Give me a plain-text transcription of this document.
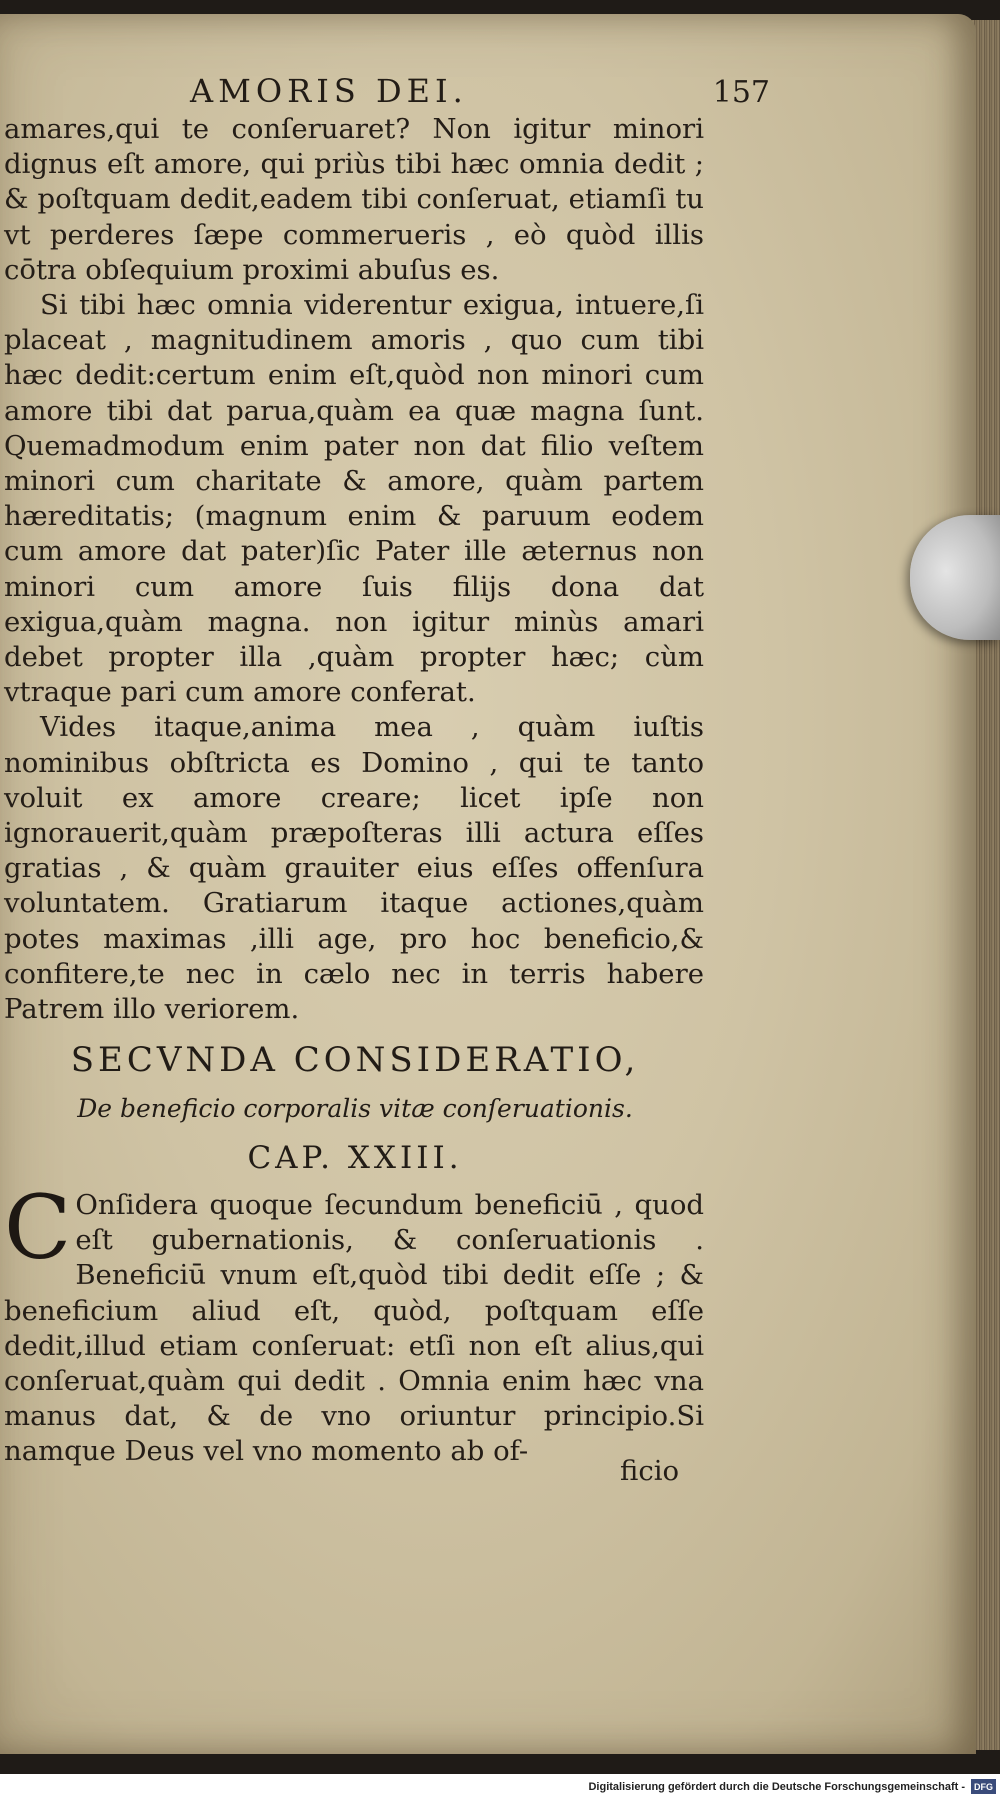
AMORIS DEI.	157

amares,qui te conſeruaret? Non igitur minori dignus eſt amore, qui priùs tibi hæc omnia dedit ; & poſtquam dedit,eadem tibi conſeruat, etiamſi tu vt perderes ſæpe commerueris , eò quòd illis cōtra obſequium proximi abuſus es.

Si tibi hæc omnia viderentur exigua, intuere,ſi placeat , magnitudinem amoris , quo cum tibi hæc dedit:certum enim eſt,quòd non minori cum amore tibi dat parua,quàm ea quæ magna ſunt. Quemadmodum enim pater non dat filio veſtem minori cum charitate & amore, quàm partem hæreditatis; (magnum enim & paruum eodem cum amore dat pater)ſic Pater ille æternus non minori cum amore ſuis filijs dona dat exigua,quàm magna. non igitur minùs amari debet propter illa ,quàm propter hæc; cùm vtraque pari cum amore conferat.

Vides itaque,anima mea , quàm iuſtis nominibus obſtricta es Domino , qui te tanto voluit ex amore creare; licet ipſe non ignorauerit,quàm præpoſteras illi actura eſſes gratias , & quàm grauiter eius eſſes offenſura voluntatem. Gratiarum itaque actiones,quàm potes maximas ,illi age, pro hoc beneficio,& confitere,te nec in cælo nec in terris habere Patrem illo veriorem.

SECVNDA CONSIDERATIO,
De beneficio corporalis vitæ conſeruationis.
CAP. XXIII.
C Onſidera quoque ſecundum beneficiū , quod eſt gubernationis, & conſeruationis . Beneficiū vnum eſt,quòd tibi dedit eſſe ; & beneficium aliud eſt, quòd, poſtquam eſſe dedit,illud etiam conſeruat: etſi non eſt alius,qui conſeruat,quàm qui dedit . Omnia enim hæc vna manus dat, & de vno oriuntur principio.Si namque Deus vel vno momento ab of-

ficio
Digitalisierung gefördert durch die Deutsche Forschungsgemeinschaft -	DFG
